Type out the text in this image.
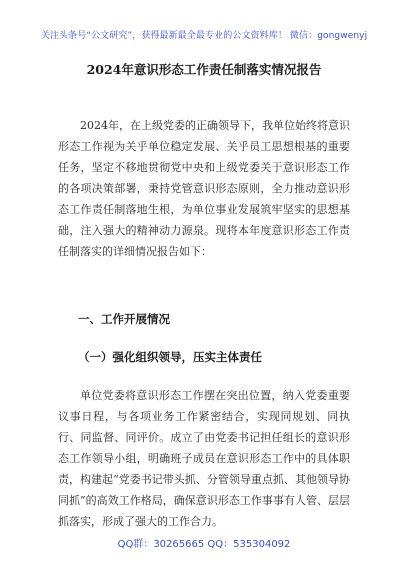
关注头条号“公文研究”，获得最新最全最专业的公文资料库！ 微信：gongwenyj
2024年意识形态工作责任制落实情况报告
2024年，在上级党委的正确领导下，我单位始终将意识形态工作视为关乎单位稳定发展、关乎员工思想根基的重要任务，坚定不移地贯彻党中央和上级党委关于意识形态工作的各项决策部署，秉持党管意识形态原则，全力推动意识形态工作责任制落地生根，为单位事业发展筑牢坚实的思想基础，注入强大的精神动力源泉。现将本年度意识形态工作责任制落实的详细情况报告如下：
一、工作开展情况
（一）强化组织领导，压实主体责任
单位党委将意识形态工作摆在突出位置，纳入党委重要议事日程，与各项业务工作紧密结合，实现同规划、同执行、同监督、同评价。成立了由党委书记担任组长的意识形态工作领导小组，明确班子成员在意识形态工作中的具体职责，构建起“党委书记带头抓、分管领导重点抓、其他领导协同抓”的高效工作格局，确保意识形态工作事事有人管、层层抓落实，形成了强大的工作合力。
QQ群：30265665 QQ：535304092
